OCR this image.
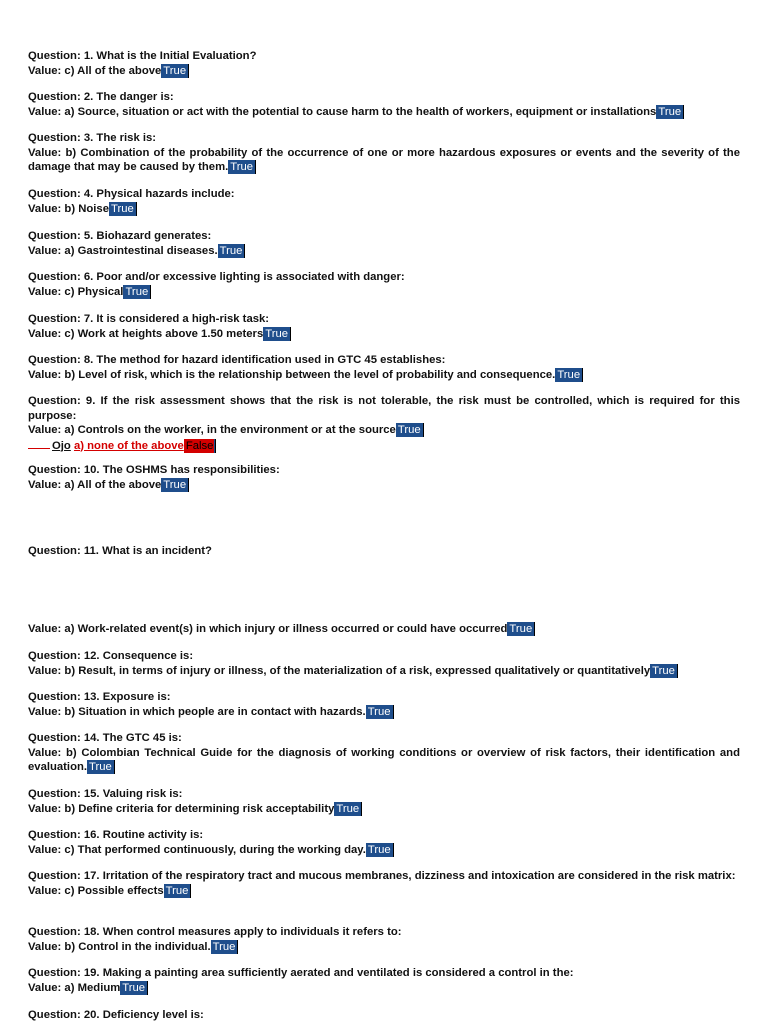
Question: 1. What is the Initial Evaluation?
Value: c) All of the above True
Question: 2. The danger is:
Value: a) Source, situation or act with the potential to cause harm to the health of workers, equipment or installations True
Question: 3. The risk is:
Value: b) Combination of the probability of the occurrence of one or more hazardous exposures or events and the severity of the damage that may be caused by them. True
Question: 4. Physical hazards include:
Value: b) Noise True
Question: 5. Biohazard generates:
Value: a) Gastrointestinal diseases. True
Question: 6. Poor and/or excessive lighting is associated with danger:
Value: c) Physical True
Question: 7. It is considered a high-risk task:
Value: c) Work at heights above 1.50 meters True
Question: 8. The method for hazard identification used in GTC 45 establishes:
Value: b) Level of risk, which is the relationship between the level of probability and consequence. True
Question: 9. If the risk assessment shows that the risk is not tolerable, the risk must be controlled, which is required for this purpose:
Value: a) Controls on the worker, in the environment or at the source True
Ojo a) none of the above False
Question: 10. The OSHMS has responsibilities:
Value: a) All of the above True
Question: 11. What is an incident?
Value: a) Work-related event(s) in which injury or illness occurred or could have occurred True
Question: 12. Consequence is:
Value: b) Result, in terms of injury or illness, of the materialization of a risk, expressed qualitatively or quantitatively True
Question: 13. Exposure is:
Value: b) Situation in which people are in contact with hazards. True
Question: 14. The GTC 45 is:
Value: b) Colombian Technical Guide for the diagnosis of working conditions or overview of risk factors, their identification and evaluation. True
Question: 15. Valuing risk is:
Value: b) Define criteria for determining risk acceptability True
Question: 16. Routine activity is:
Value: c) That performed continuously, during the working day. True
Question: 17. Irritation of the respiratory tract and mucous membranes, dizziness and intoxication are considered in the risk matrix:
Value: c) Possible effects True
Question: 18. When control measures apply to individuals it refers to:
Value: b) Control in the individual. True
Question: 19. Making a painting area sufficiently aerated and ventilated is considered a control in the:
Value: a) Medium True
Question: 20. Deficiency level is:
